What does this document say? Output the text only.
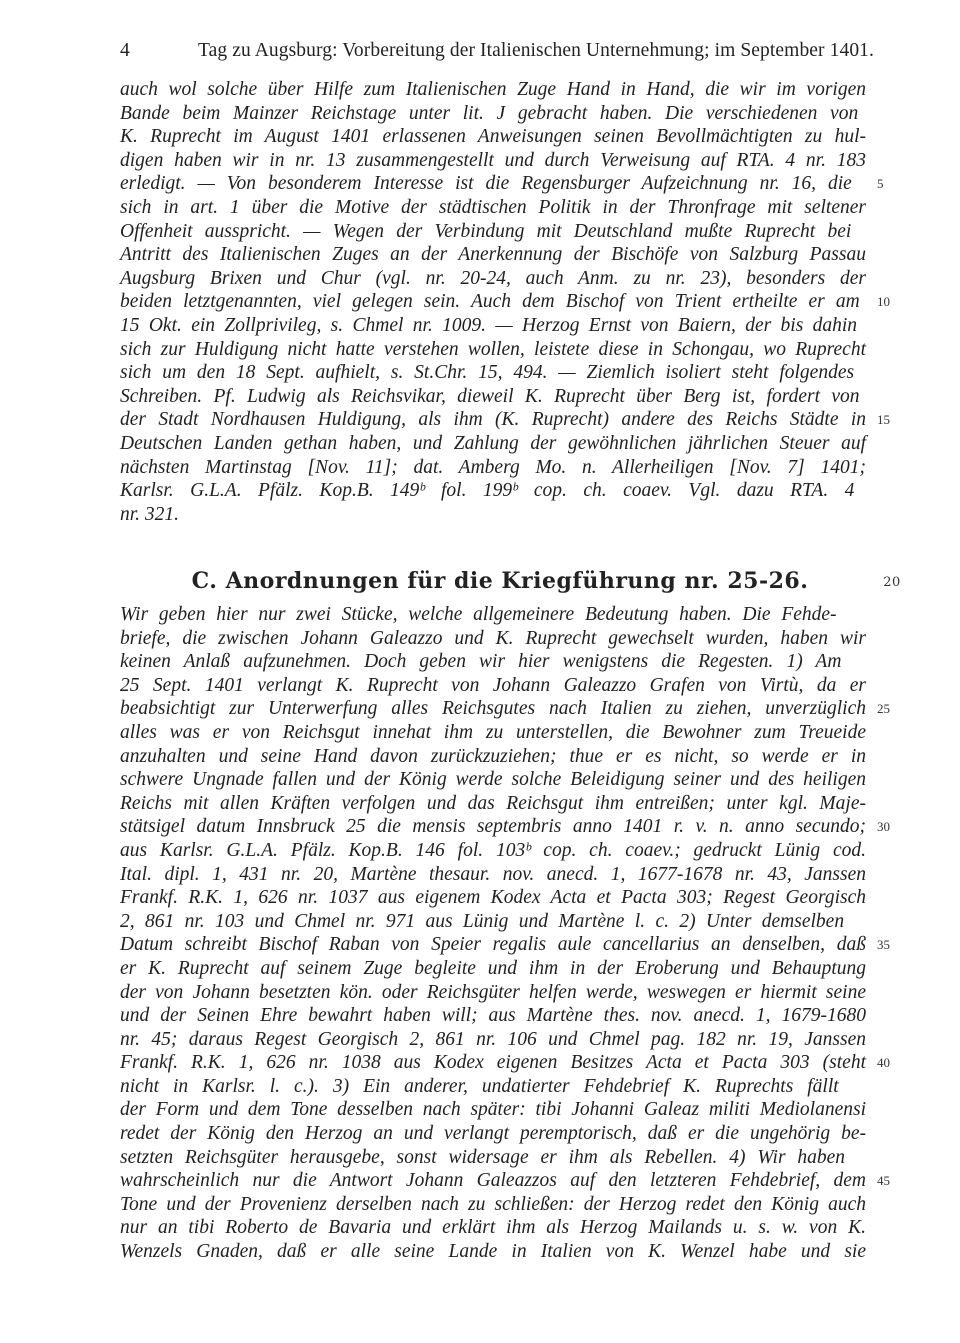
4	Tag zu Augsburg: Vorbereitung der Italienischen Unternehmung; im September 1401.
auch wol solche über Hilfe zum Italienischen Zuge Hand in Hand, die wir im vorigen
Bande beim Mainzer Reichstage unter lit. J gebracht haben. Die verschiedenen von
K. Ruprecht im August 1401 erlassenen Anweisungen seinen Bevollmächtigten zu hul-
digen haben wir in nr. 13 zusammengestellt und durch Verweisung auf RTA. 4 nr. 183
erledigt. — Von besonderem Interesse ist die Regensburger Aufzeichnung nr. 16, die 5
sich in art. 1 über die Motive der städtischen Politik in der Thronfrage mit seltener
Offenheit ausspricht. — Wegen der Verbindung mit Deutschland mußte Ruprecht bei
Antritt des Italienischen Zuges an der Anerkennung der Bischöfe von Salzburg Passau
Augsburg Brixen und Chur (vgl. nr. 20-24, auch Anm. zu nr. 23), besonders der
beiden letztgenannten, viel gelegen sein. Auch dem Bischof von Trient ertheilte er am 10
15 Okt. ein Zollprivileg, s. Chmel nr. 1009. — Herzog Ernst von Baiern, der bis dahin
sich zur Huldigung nicht hatte verstehen wollen, leistete diese in Schongau, wo Ruprecht
sich um den 18 Sept. aufhielt, s. St.Chr. 15, 494. — Ziemlich isoliert steht folgendes
Schreiben. Pf. Ludwig als Reichsvikar, dieweil K. Ruprecht über Berg ist, fordert von
der Stadt Nordhausen Huldigung, als ihm (K. Ruprecht) andere des Reichs Städte in 15
Deutschen Landen gethan haben, und Zahlung der gewöhnlichen jährlichen Steuer auf
nächsten Martinstag [Nov. 11]; dat. Amberg Mo. n. Allerheiligen [Nov. 7] 1401;
Karlsr. G.L.A. Pfälz. Kop.B. 149ᵇ fol. 199ᵇ cop. ch. coaev. Vgl. dazu RTA. 4
nr. 321.
C. Anordnungen für die Kriegführung nr. 25-26.	20
Wir geben hier nur zwei Stücke, welche allgemeinere Bedeutung haben. Die Fehde-
briefe, die zwischen Johann Galeazzo und K. Ruprecht gewechselt wurden, haben wir
keinen Anlaß aufzunehmen. Doch geben wir hier wenigstens die Regesten. 1) Am
25 Sept. 1401 verlangt K. Ruprecht von Johann Galeazzo Grafen von Virtù, da er
beabsichtigt zur Unterwerfung alles Reichsgutes nach Italien zu ziehen, unverzüglich 25
alles was er von Reichsgut innehat ihm zu unterstellen, die Bewohner zum Treueide
anzuhalten und seine Hand davon zurückzuziehen; thue er es nicht, so werde er in
schwere Ungnade fallen und der König werde solche Beleidigung seiner und des heiligen
Reichs mit allen Kräften verfolgen und das Reichsgut ihm entreißen; unter kgl. Maje-
stätsigel datum Innsbruck 25 die mensis septembris anno 1401 r. v. n. anno secundo; 30
aus Karlsr. G.L.A. Pfälz. Kop.B. 146 fol. 103ᵇ cop. ch. coaev.; gedruckt Lünig cod.
Ital. dipl. 1, 431 nr. 20, Martène thesaur. nov. anecd. 1, 1677-1678 nr. 43, Janssen
Frankf. R.K. 1, 626 nr. 1037 aus eigenem Kodex Acta et Pacta 303; Regest Georgisch
2, 861 nr. 103 und Chmel nr. 971 aus Lünig und Martène l. c. 2) Unter demselben
Datum schreibt Bischof Raban von Speier regalis aule cancellarius an denselben, daß 35
er K. Ruprecht auf seinem Zuge begleite und ihm in der Eroberung und Behauptung
der von Johann besetzten kön. oder Reichsgüter helfen werde, weswegen er hiermit seine
und der Seinen Ehre bewahrt haben will; aus Martène thes. nov. anecd. 1, 1679-1680
nr. 45; daraus Regest Georgisch 2, 861 nr. 106 und Chmel pag. 182 nr. 19, Janssen
Frankf. R.K. 1, 626 nr. 1038 aus Kodex eigenen Besitzes Acta et Pacta 303 (steht 40
nicht in Karlsr. l. c.). 3) Ein anderer, undatierter Fehdebrief K. Ruprechts fällt
der Form und dem Tone desselben nach später: tibi Johanni Galeaz militi Mediolanensi
redet der König den Herzog an und verlangt peremptorisch, daß er die ungehörig be-
setzten Reichsgüter herausgebe, sonst widersage er ihm als Rebellen. 4) Wir haben
wahrscheinlich nur die Antwort Johann Galeazzos auf den letzteren Fehdebrief, dem 45
Tone und der Provenienz derselben nach zu schließen: der Herzog redet den König auch
nur an tibi Roberto de Bavaria und erklärt ihm als Herzog Mailands u. s. w. von K.
Wenzels Gnaden, daß er alle seine Lande in Italien von K. Wenzel habe und sie
